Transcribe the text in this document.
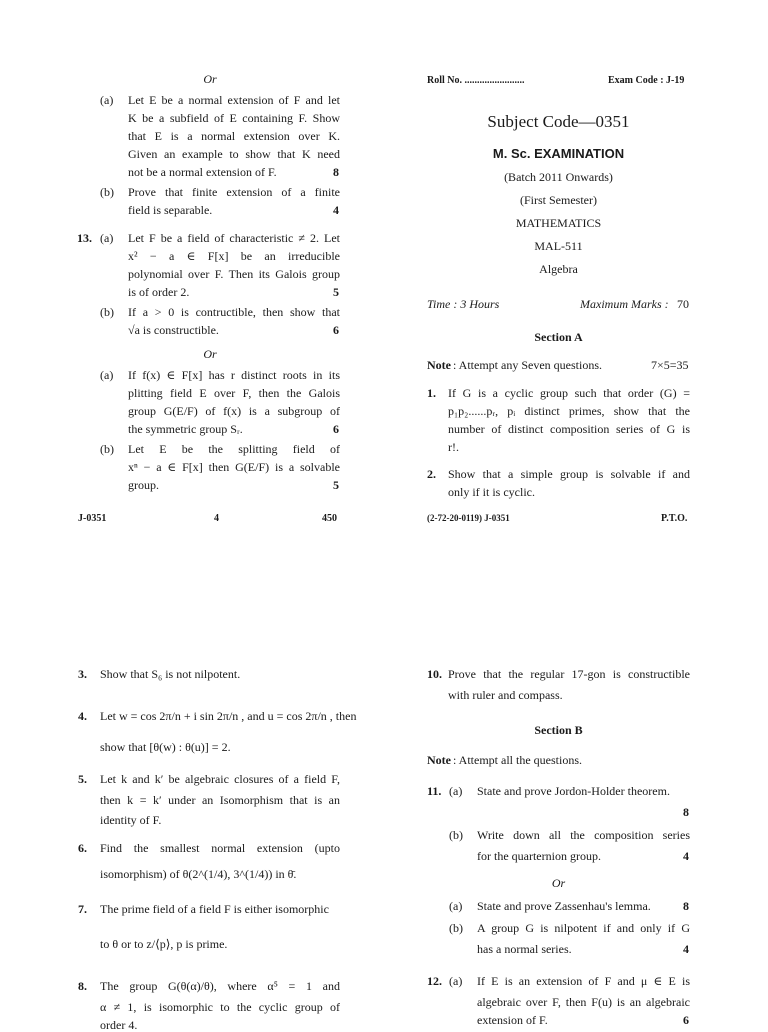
Or
(a) Let E be a normal extension of F and let
K be a subfield of E containing F. Show
that E is a normal extension over K.
Given an example to show that K need
not be a normal extension of F.	8
(b) Prove that finite extension of a finite
field is separable.	4
13. (a) Let F be a field of characteristic ≠ 2. Let
x² − a ∈ F[x] be an irreducible
polynomial over F. Then its Galois group
is of order 2.	5
(b) If a > 0 is contructible, then show that
√a is constructible.	6
Or
(a) If f(x) ∈ F[x] has r distinct roots in its
plitting field E over F, then the Galois
group G(E/F) of f(x) is a subgroup of
the symmetric group Sᵣ.	6
(b) Let E be the splitting field of
xⁿ − a ∈ F[x] then G(E/F) is a solvable
group.	5
J-0351	4	450
Roll No. ........................	Exam Code : J-19
Subject Code—0351
M. Sc. EXAMINATION
(Batch 2011 Onwards)
(First Semester)
MATHEMATICS
MAL-511
Algebra
Time : 3 Hours	Maximum Marks : 70
Section A
Note : Attempt any Seven questions.	7×5=35
1. If G is a cyclic group such that order (G) =
p₁p₂......pᵣ, pᵢ distinct primes, show that the
number of distinct composition series of G is
r!.
2. Show that a simple group is solvable if and
only if it is cyclic.
(2-72-20-0119) J-0351	P.T.O.
3. Show that S₆ is not nilpotent.
4. Let w = cos 2π/n + i sin 2π/n , and u = cos 2π/n , then
show that [θ(w) : θ(u)] = 2.
5. Let k and k′ be algebraic closures of a field F,
then k = k′ under an Isomorphism that is an
identity of F.
6. Find the smallest normal extension (upto
isomorphism) of θ(2^(1/4), 3^(1/4)) in θ̄.
7. The prime field of a field F is either isomorphic
to θ or to z/⟨p⟩, p is prime.
8. The group G(θ(α)/θ), where α⁵ = 1 and
α ≠ 1, is isomorphic to the cyclic group of
order 4.
10. Prove that the regular 17-gon is constructible
with ruler and compass.
Section B
Note : Attempt all the questions.
11. (a) State and prove Jordon-Holder theorem.
8
(b) Write down all the composition series
for the quarternion group.	4
Or
(a) State and prove Zassenhau's lemma.	8
(b) A group G is nilpotent if and only if G
has a normal series.	4
12. (a) If E is an extension of F and μ ∈ E is
algebraic over F, then F(u) is an algebraic
extension of F.	6
